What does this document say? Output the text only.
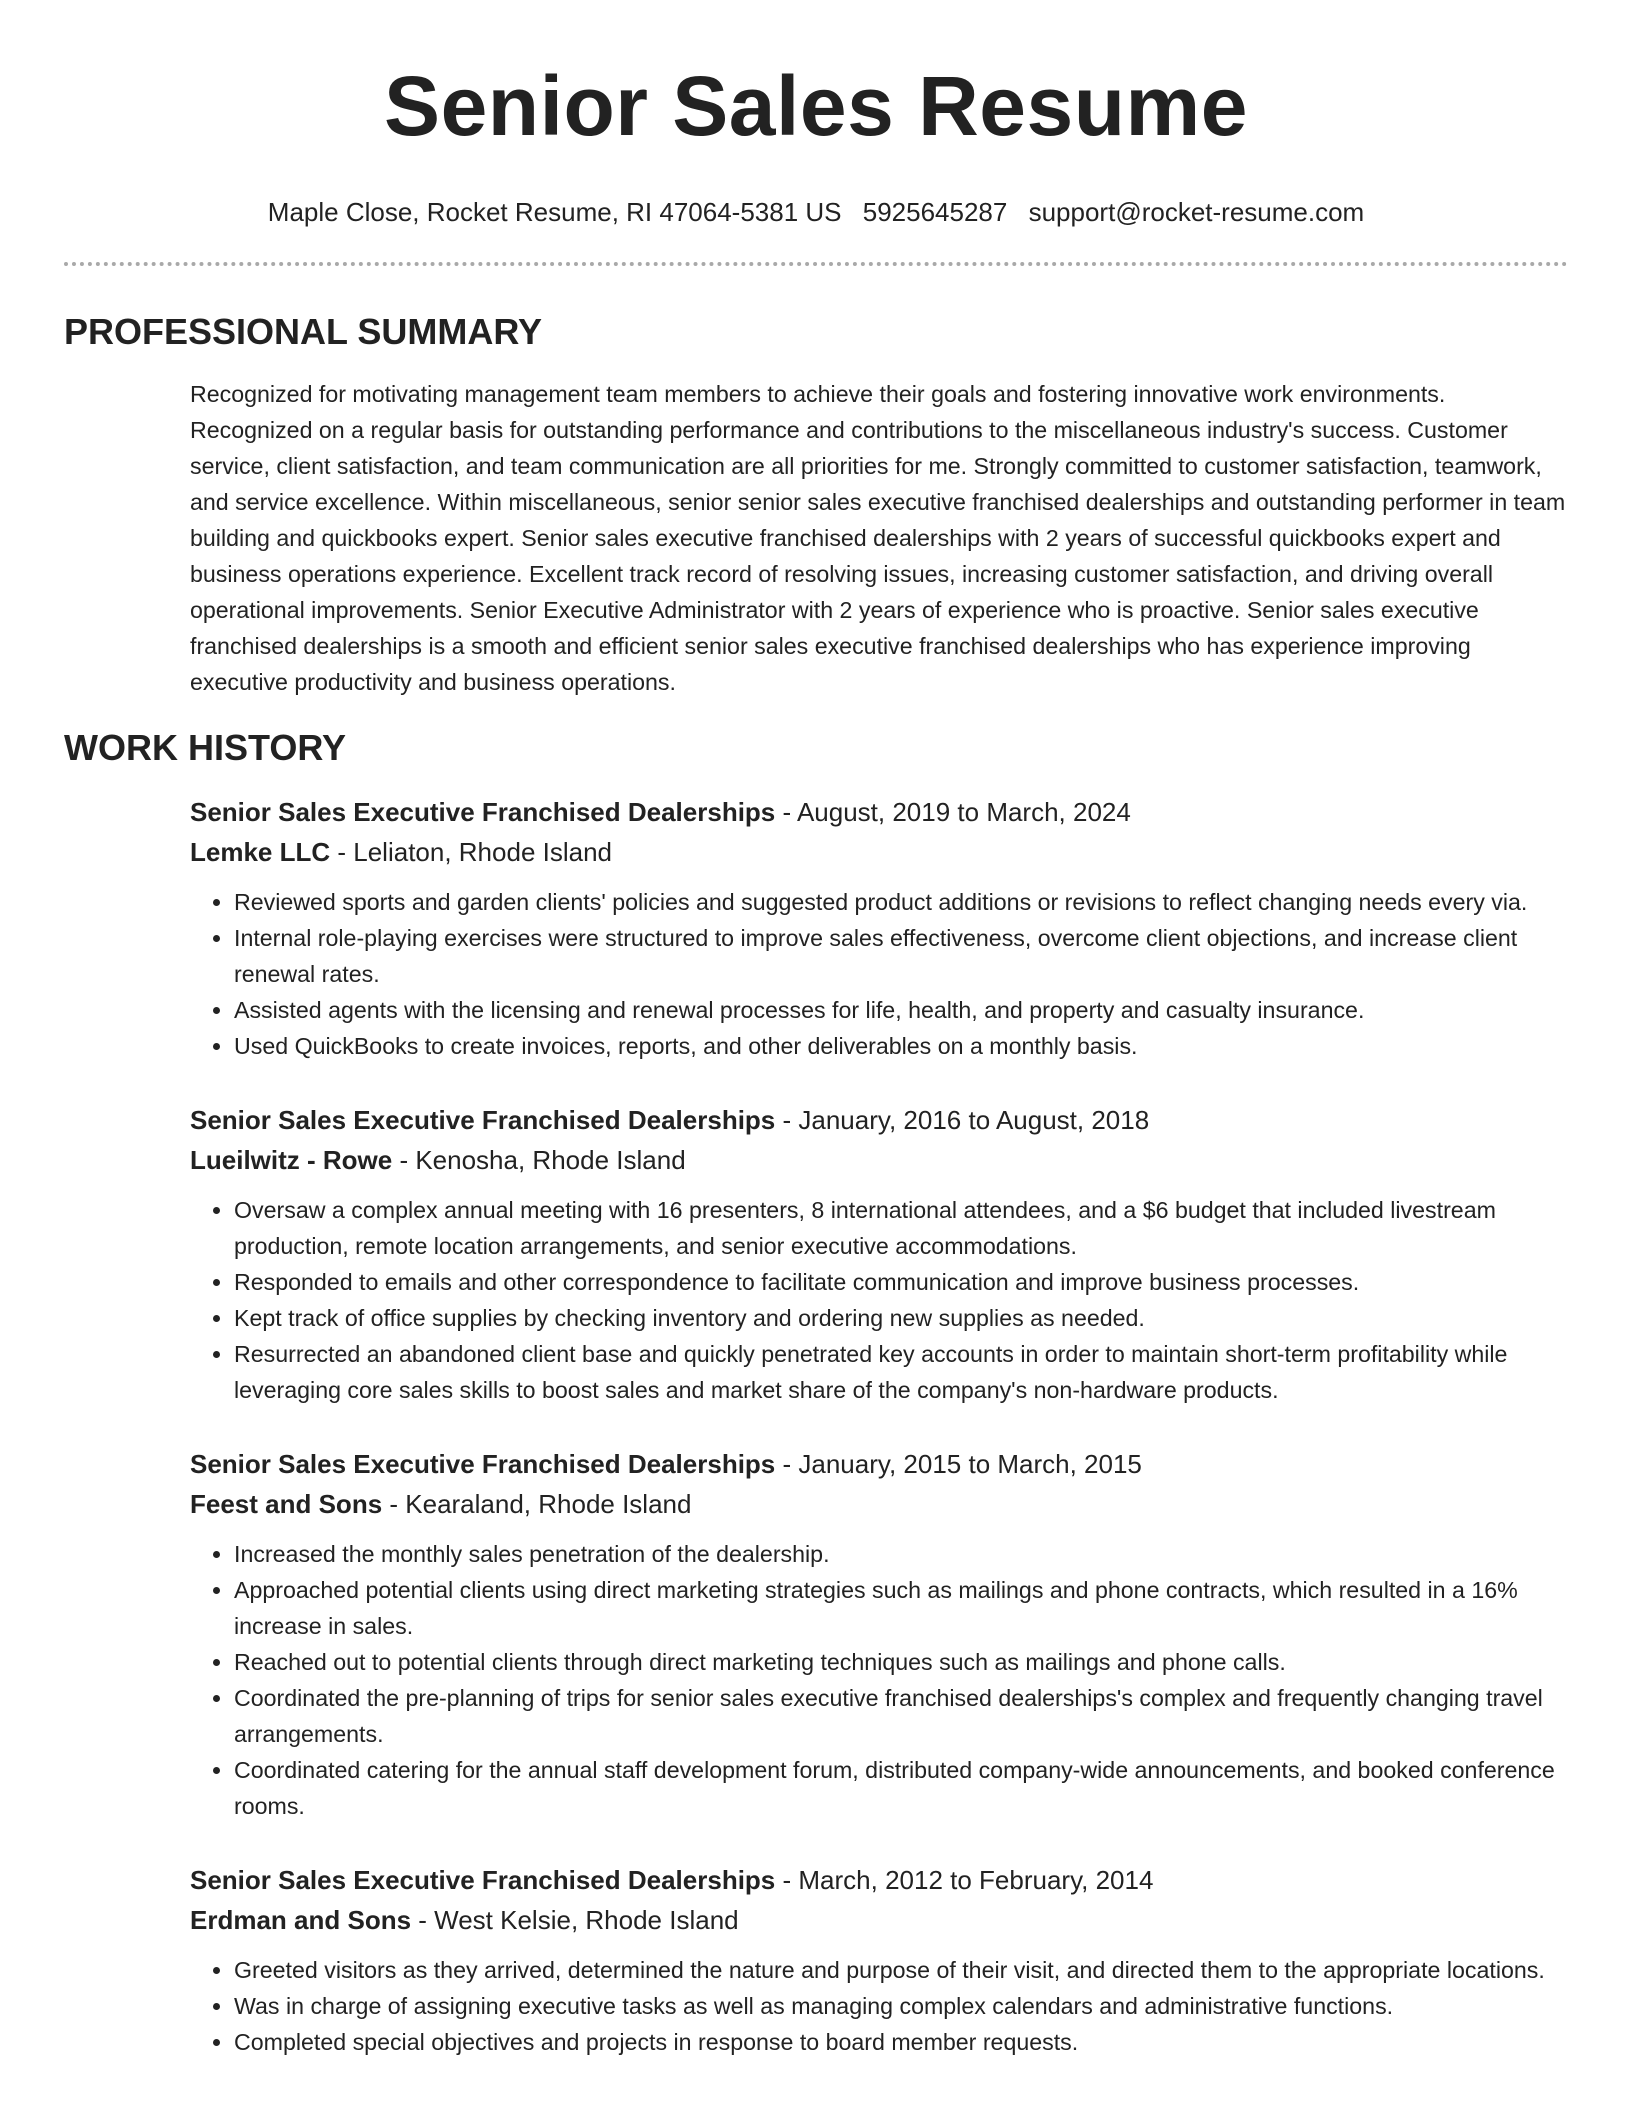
Senior Sales Resume
Maple Close, Rocket Resume, RI 47064-5381 US 5925645287 support@rocket-resume.com
PROFESSIONAL SUMMARY
Recognized for motivating management team members to achieve their goals and fostering innovative work environments. Recognized on a regular basis for outstanding performance and contributions to the miscellaneous industry's success. Customer service, client satisfaction, and team communication are all priorities for me. Strongly committed to customer satisfaction, teamwork, and service excellence. Within miscellaneous, senior senior sales executive franchised dealerships and outstanding performer in team building and quickbooks expert. Senior sales executive franchised dealerships with 2 years of successful quickbooks expert and business operations experience. Excellent track record of resolving issues, increasing customer satisfaction, and driving overall operational improvements. Senior Executive Administrator with 2 years of experience who is proactive. Senior sales executive franchised dealerships is a smooth and efficient senior sales executive franchised dealerships who has experience improving executive productivity and business operations.
WORK HISTORY
Senior Sales Executive Franchised Dealerships - August, 2019 to March, 2024
Lemke LLC - Leliaton, Rhode Island
• Reviewed sports and garden clients' policies and suggested product additions or revisions to reflect changing needs every via.
• Internal role-playing exercises were structured to improve sales effectiveness, overcome client objections, and increase client renewal rates.
• Assisted agents with the licensing and renewal processes for life, health, and property and casualty insurance.
• Used QuickBooks to create invoices, reports, and other deliverables on a monthly basis.
Senior Sales Executive Franchised Dealerships - January, 2016 to August, 2018
Lueilwitz - Rowe - Kenosha, Rhode Island
• Oversaw a complex annual meeting with 16 presenters, 8 international attendees, and a $6 budget that included livestream production, remote location arrangements, and senior executive accommodations.
• Responded to emails and other correspondence to facilitate communication and improve business processes.
• Kept track of office supplies by checking inventory and ordering new supplies as needed.
• Resurrected an abandoned client base and quickly penetrated key accounts in order to maintain short-term profitability while leveraging core sales skills to boost sales and market share of the company's non-hardware products.
Senior Sales Executive Franchised Dealerships - January, 2015 to March, 2015
Feest and Sons - Kearaland, Rhode Island
• Increased the monthly sales penetration of the dealership.
• Approached potential clients using direct marketing strategies such as mailings and phone contracts, which resulted in a 16% increase in sales.
• Reached out to potential clients through direct marketing techniques such as mailings and phone calls.
• Coordinated the pre-planning of trips for senior sales executive franchised dealerships's complex and frequently changing travel arrangements.
• Coordinated catering for the annual staff development forum, distributed company-wide announcements, and booked conference rooms.
Senior Sales Executive Franchised Dealerships - March, 2012 to February, 2014
Erdman and Sons - West Kelsie, Rhode Island
• Greeted visitors as they arrived, determined the nature and purpose of their visit, and directed them to the appropriate locations.
• Was in charge of assigning executive tasks as well as managing complex calendars and administrative functions.
• Completed special objectives and projects in response to board member requests.
